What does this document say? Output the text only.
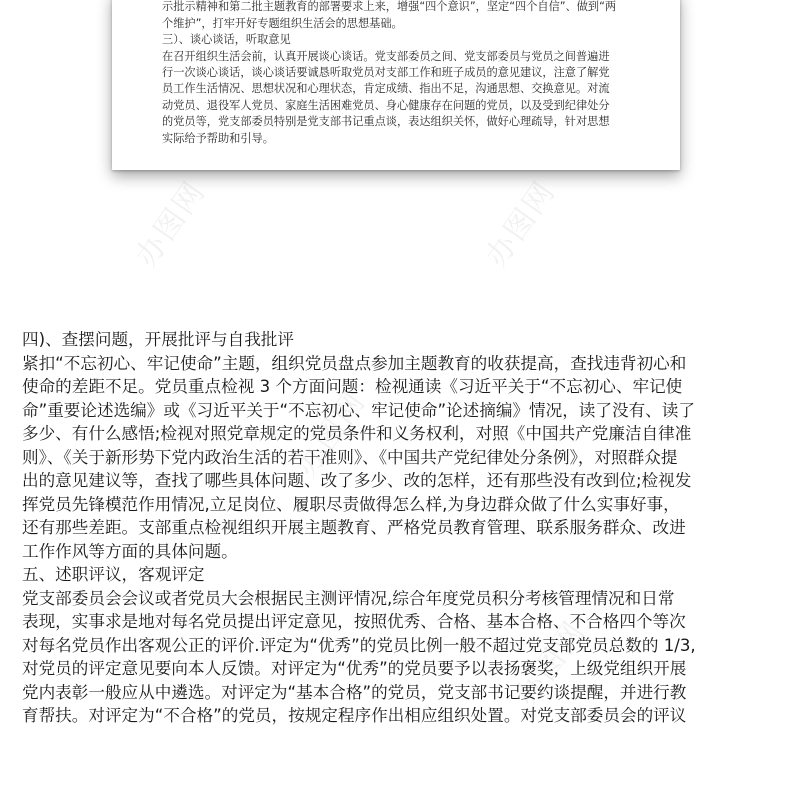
示批示精神和第二批主题教育的部署要求上来，增强“四个意识”，坚定“四个自信”、做到“两

个维护”，打牢开好专题组织生活会的思想基础。

三）、谈心谈话，听取意见

在召开组织生活会前，认真开展谈心谈话。党支部委员之间、党支部委员与党员之间普遍进

行一次谈心谈话，谈心谈话要诚恳听取党员对支部工作和班子成员的意见建议，注意了解党

员工作生活情况、思想状况和心理状态，肯定成绩、指出不足，沟通思想、交换意见。对流

动党员、退役军人党员、家庭生活困难党员、身心健康存在问题的党员，以及受到纪律处分

的党员等，党支部委员特别是党支部书记重点谈，表达组织关怀，做好心理疏导，针对思想

实际给予帮助和引导。

办图网	办图网
办图网
办图网

四)、查摆问题，开展批评与自我批评

紧扣“不忘初心、牢记使命”主题，组织党员盘点参加主题教育的收获提高，查找违背初心和

使命的差距不足。党员重点检视 3 个方面问题：检视通读《习近平关于“不忘初心、牢记使

命”重要论述选编》或《习近平关于“不忘初心、牢记使命”论述摘编》情况，读了没有、读了

多少、有什么感悟;检视对照党章规定的党员条件和义务权利，对照《中国共产党廉洁自律准

则》、《关于新形势下党内政治生活的若干准则》、《中国共产党纪律处分条例》，对照群众提

出的意见建议等，查找了哪些具体问题、改了多少、改的怎样，还有那些没有改到位;检视发

挥党员先锋模范作用情况,立足岗位、履职尽责做得怎么样,为身边群众做了什么实事好事，

还有那些差距。支部重点检视组织开展主题教育、严格党员教育管理、联系服务群众、改进

工作作风等方面的具体问题。

五、述职评议，客观评定

党支部委员会会议或者党员大会根据民主测评情况,综合年度党员积分考核管理情况和日常

表现，实事求是地对每名党员提出评定意见，按照优秀、合格、基本合格、不合格四个等次

对每名党员作出客观公正的评价.评定为“优秀”的党员比例一般不超过党支部党员总数的 1/3,

对党员的评定意见要向本人反馈。对评定为“优秀”的党员要予以表扬褒奖，上级党组织开展

党内表彰一般应从中遴选。对评定为“基本合格”的党员，党支部书记要约谈提醒，并进行教

育帮扶。对评定为“不合格”的党员，按规定程序作出相应组织处置。对党支部委员会的评议
